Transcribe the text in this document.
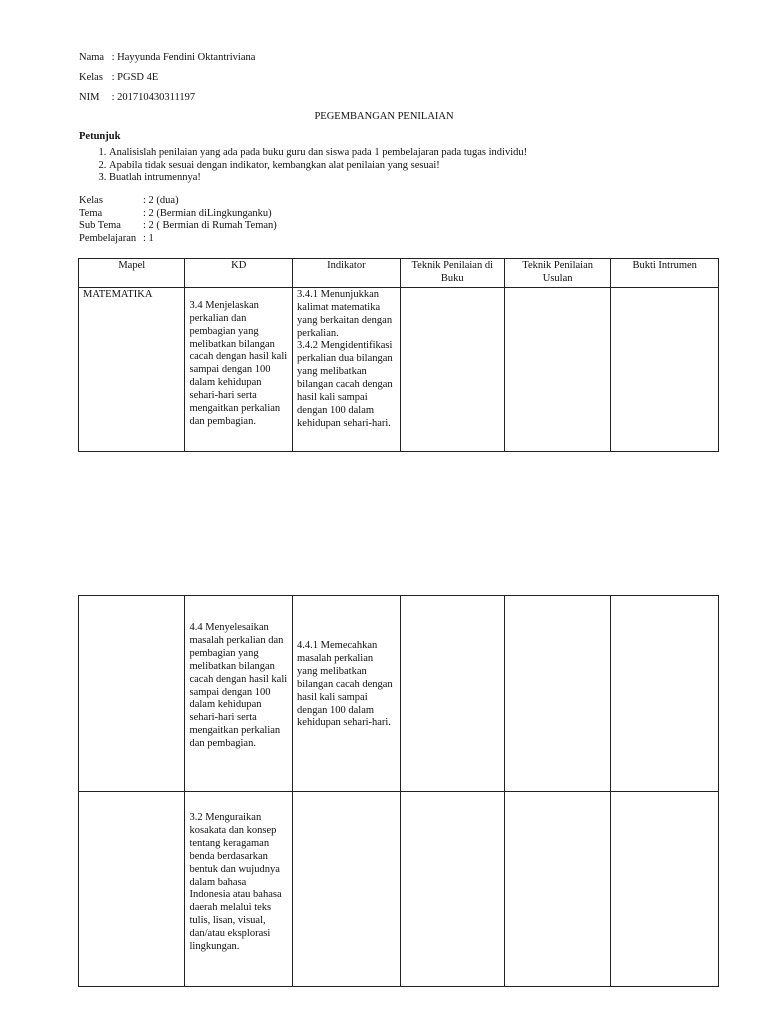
Nama : Hayyunda Fendini Oktantriviana
Kelas : PGSD 4E
NIM : 201710430311197
PEGEMBANGAN PENILAIAN
Petunjuk
1. Analisislah penilaian yang ada pada buku guru dan siswa pada 1 pembelajaran pada tugas individu!
2. Apabila tidak sesuai dengan indikator, kembangkan alat penilaian yang sesuai!
3. Buatlah intrumennya!
Kelas	: 2 (dua)
Tema	: 2 (Bermian diLingkunganku)
Sub Tema : 2 ( Bermian di Rumah Teman)
Pembelajaran : 1
Mapel	KD	Indikator	Teknik Penilaian di Buku	Teknik Penilaian Usulan	Bukti Intrumen
MATEMATIKA	3.4 Menjelaskan perkalian dan pembagian yang melibatkan bilangan cacah dengan hasil kali sampai dengan 100 dalam kehidupan sehari-hari serta mengaitkan perkalian dan pembagian.	3.4.1 Menunjukkan kalimat matematika yang berkaitan dengan perkalian.
3.4.2 Mengidentifikasi perkalian dua bilangan yang melibatkan bilangan cacah dengan hasil kali sampai dengan 100 dalam kehidupan sehari-hari.			
	4.4 Menyelesaikan masalah perkalian dan pembagian yang melibatkan bilangan cacah dengan hasil kali
sampai dengan 100 dalam kehidupan sehari-hari serta mengaitkan perkalian dan pembagian.	4.4.1 Memecahkan masalah perkalian yang melibatkan bilangan cacah dengan hasil kali sampai dengan 100 dalam kehidupan sehari-hari.			
	3.2 Menguraikan kosakata dan konsep tentang keragaman benda berdasarkan bentuk dan wujudnya dalam bahasa Indonesia atau bahasa daerah melalui teks tulis, lisan, visual, dan/atau eksplorasi lingkungan.				
